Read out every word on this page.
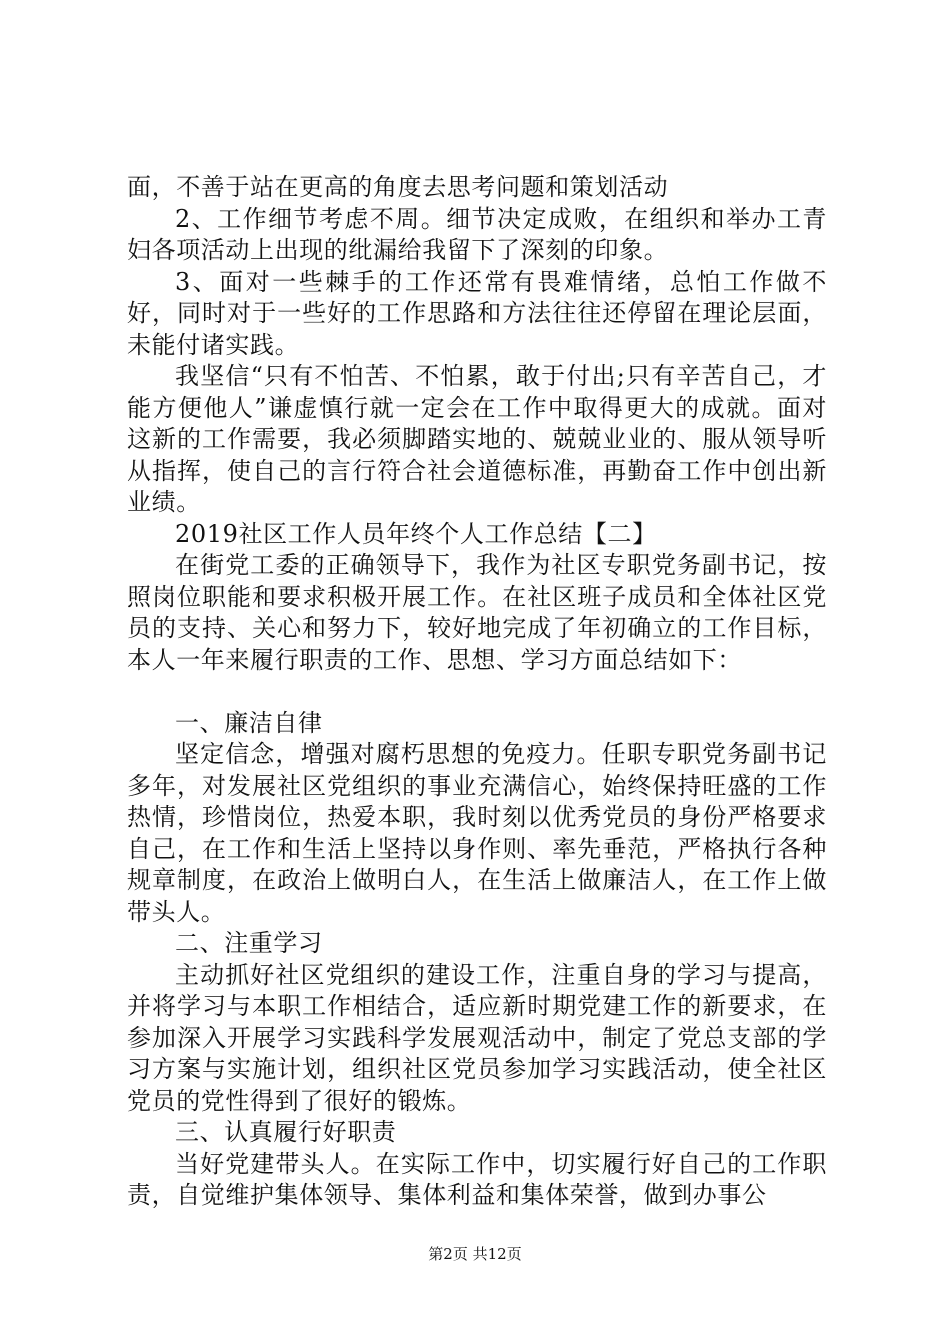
面，不善于站在更高的角度去思考问题和策划活动

2、工作细节考虑不周。细节决定成败，在组织和举办工青妇各项活动上出现的纰漏给我留下了深刻的印象。

3、面对一些棘手的工作还常有畏难情绪，总怕工作做不好，同时对于一些好的工作思路和方法往往还停留在理论层面，未能付诸实践。

我坚信“只有不怕苦、不怕累，敢于付出;只有辛苦自己，才能方便他人”谦虚慎行就一定会在工作中取得更大的成就。面对这新的工作需要，我必须脚踏实地的、兢兢业业的、服从领导听从指挥，使自己的言行符合社会道德标准，再勤奋工作中创出新业绩。

2019社区工作人员年终个人工作总结【二】

在街党工委的正确领导下，我作为社区专职党务副书记，按照岗位职能和要求积极开展工作。在社区班子成员和全体社区党员的支持、关心和努力下，较好地完成了年初确立的工作目标，本人一年来履行职责的工作、思想、学习方面总结如下：

一、廉洁自律

坚定信念，增强对腐朽思想的免疫力。任职专职党务副书记多年，对发展社区党组织的事业充满信心，始终保持旺盛的工作热情，珍惜岗位，热爱本职，我时刻以优秀党员的身份严格要求自己，在工作和生活上坚持以身作则、率先垂范，严格执行各种规章制度，在政治上做明白人，在生活上做廉洁人，在工作上做带头人。

二、注重学习

主动抓好社区党组织的建设工作，注重自身的学习与提高，并将学习与本职工作相结合，适应新时期党建工作的新要求，在参加深入开展学习实践科学发展观活动中，制定了党总支部的学习方案与实施计划，组织社区党员参加学习实践活动，使全社区党员的党性得到了很好的锻炼。

三、认真履行好职责

当好党建带头人。在实际工作中，切实履行好自己的工作职责，自觉维护集体领导、集体利益和集体荣誉，做到办事公

第2页 共12页
